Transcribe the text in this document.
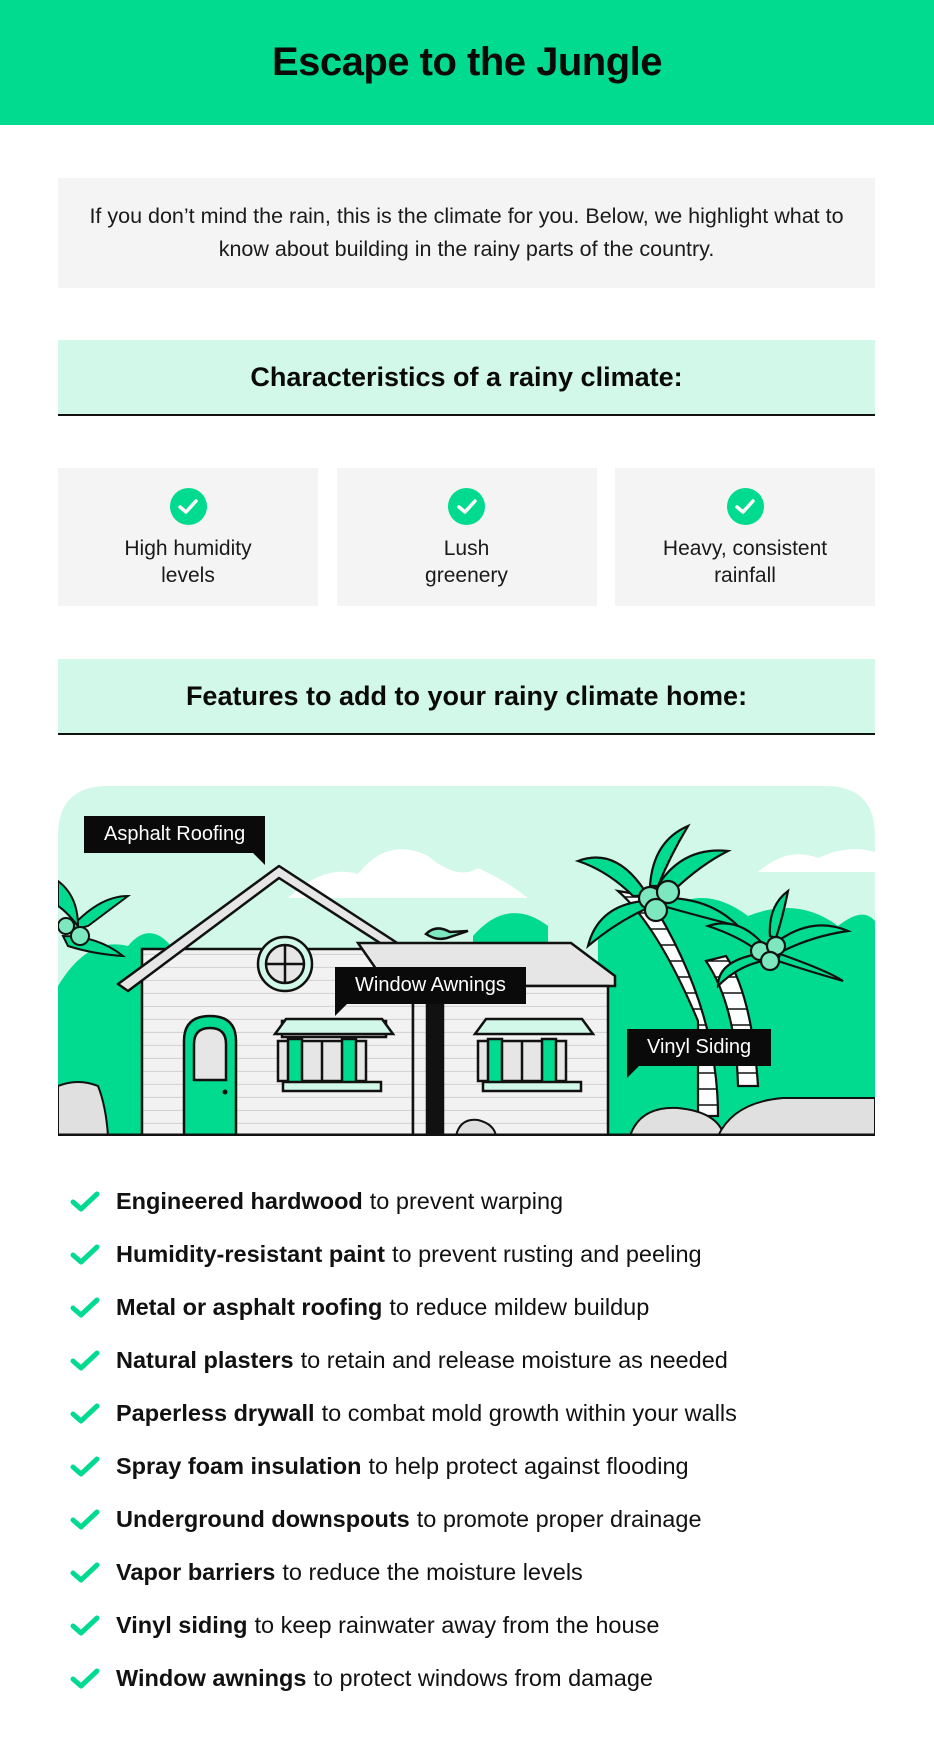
Escape to the Jungle

If you don’t mind the rain, this is the climate for you. Below, we highlight what to know about building in the rainy parts of the country.

Characteristics of a rainy climate:
High humidity levels
Lush greenery
Heavy, consistent rainfall
Features to add to your rainy climate home:
Asphalt Roofing
Window Awnings
Vinyl Siding
Engineered hardwood to prevent warping
Humidity-resistant paint to prevent rusting and peeling
Metal or asphalt roofing to reduce mildew buildup
Natural plasters to retain and release moisture as needed
Paperless drywall to combat mold growth within your walls
Spray foam insulation to help protect against flooding
Underground downspouts to promote proper drainage
Vapor barriers to reduce the moisture levels
Vinyl siding to keep rainwater away from the house
Window awnings to protect windows from damage
